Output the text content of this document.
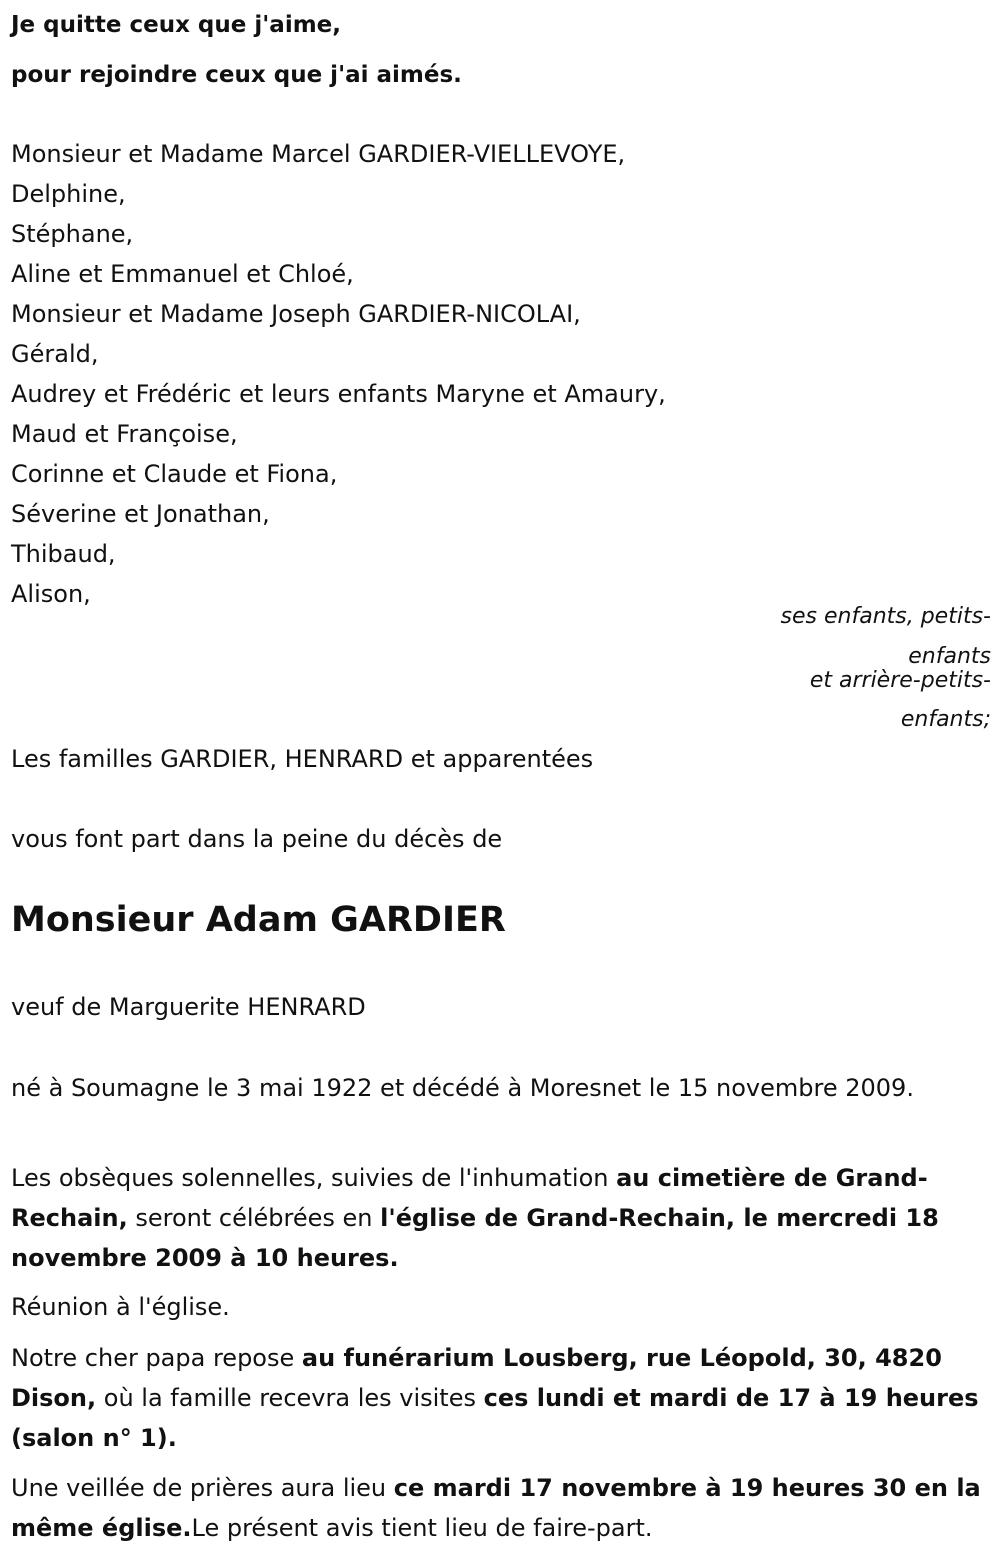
Je quitte ceux que j'aime,
pour rejoindre ceux que j'ai aimés.
Monsieur et Madame Marcel GARDIER-VIELLEVOYE,
Delphine,
Stéphane,
Aline et Emmanuel et Chloé,
Monsieur et Madame Joseph GARDIER-NICOLAI,
Gérald,
Audrey et Frédéric et leurs enfants Maryne et Amaury,
Maud et Françoise,
Corinne et Claude et Fiona,
Séverine et Jonathan,
Thibaud,
Alison,
ses enfants, petits-
enfants
et arrière-petits-
enfants;
Les familles GARDIER, HENRARD et apparentées
vous font part dans la peine du décès de
Monsieur Adam GARDIER
veuf de Marguerite HENRARD
né à Soumagne le 3 mai 1922 et décédé à Moresnet le 15 novembre 2009.
Les obsèques solennelles, suivies de l'inhumation au cimetière de Grand-Rechain, seront célébrées en l'église de Grand-Rechain, le mercredi 18 novembre 2009 à 10 heures.
Réunion à l'église.
Notre cher papa repose au funérarium Lousberg, rue Léopold, 30, 4820 Dison, où la famille recevra les visites ces lundi et mardi de 17 à 19 heures (salon n° 1).
Une veillée de prières aura lieu ce mardi 17 novembre à 19 heures 30 en la même église.Le présent avis tient lieu de faire-part.
